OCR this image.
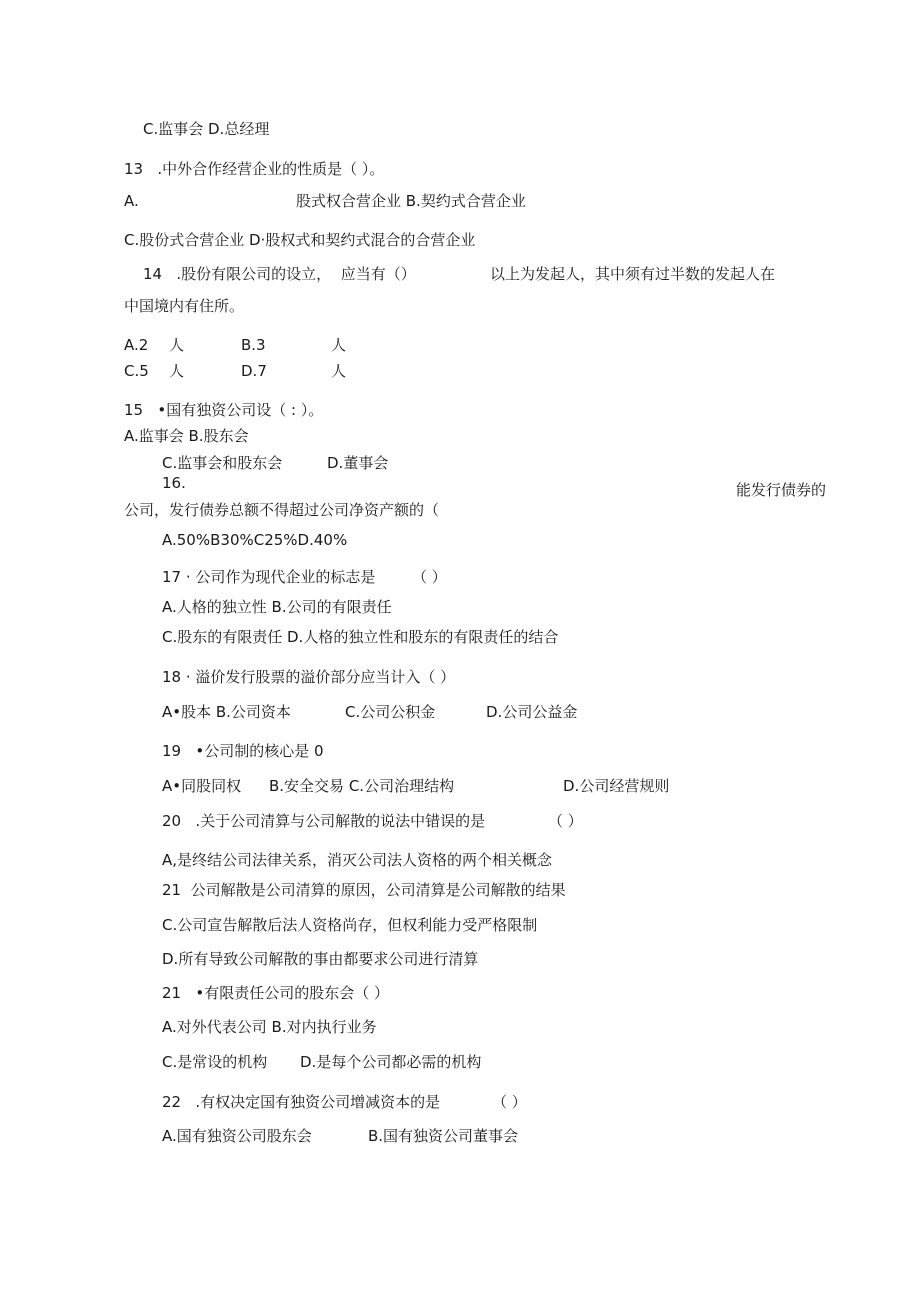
C.监事会 D.总经理
13   .中外合作经营企业的性质是（ ）。
A.	股式权合营企业 B.契约式合营企业
C.股份式合营企业 D·股权式和契约式混合的合营企业
14   .股份有限公司的设立，  应当有（）	以上为发起人，其中须有过半数的发起人在
中国境内有住所。
A.2 人	B.3	人
C.5 人	D.7	人
15   •国有独资公司设（ : ）。
A.监事会 B.股东会
C.监事会和股东会	D.董事会
16.	能发行债券的
公司，发行债券总额不得超过公司净资产额的（
A.50%B30%C25%D.40%
17 · 公司作为现代企业的标志是 （ ）
A.人格的独立性 B.公司的有限责任
C.股东的有限责任 D.人格的独立性和股东的有限责任的结合
18 · 溢价发行股票的溢价部分应当计入（ ）
A•股本 B.公司资本	C.公司公积金	D.公司公益金
19   •公司制的核心是 0
A•同股同权 B.安全交易 C.公司治理结构	D.公司经营规则
20   .关于公司清算与公司解散的说法中错误的是	（ ）
A,是终结公司法律关系，消灭公司法人资格的两个相关概念
21  公司解散是公司清算的原因，公司清算是公司解散的结果
C.公司宣告解散后法人资格尚存，但权利能力受严格限制
D.所有导致公司解散的事由都要求公司进行清算
21   •有限责任公司的股东会（ ）
A.对外代表公司 B.对内执行业务
C.是常设的机构 D.是每个公司都必需的机构
22   .有权决定国有独资公司增减资本的是	（ ）
A.国有独资公司股东会	B.国有独资公司董事会
